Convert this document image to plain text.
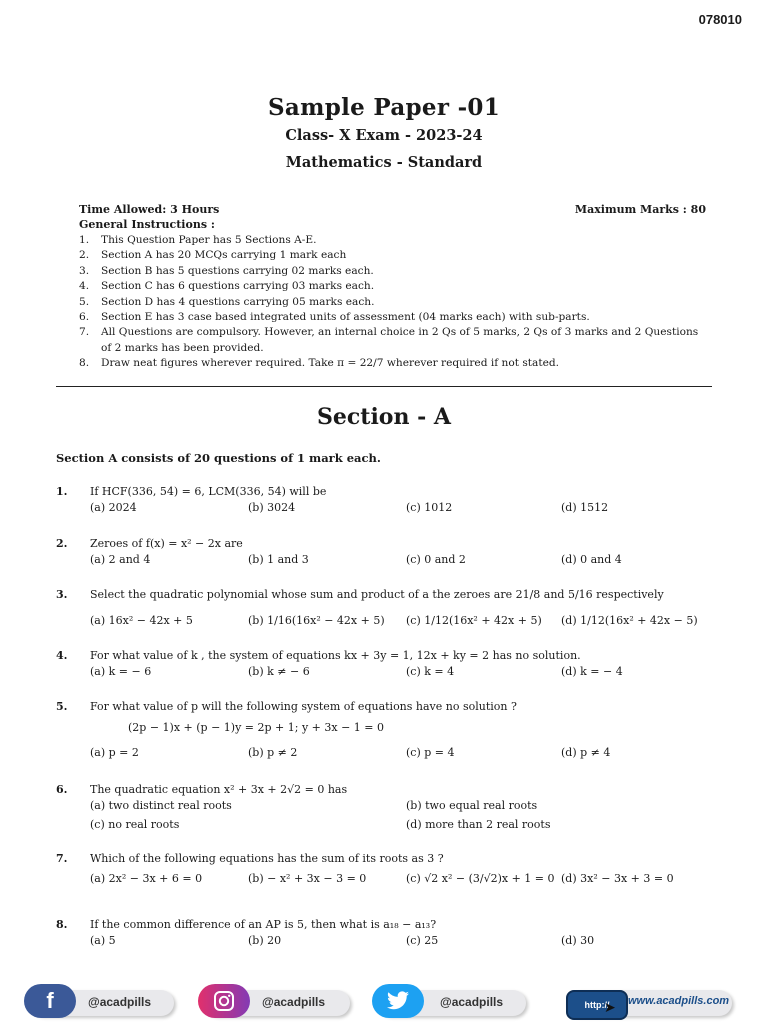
078010
Sample Paper -01
Class- X Exam - 2023-24
Mathematics - Standard
Time Allowed: 3 Hours	Maximum Marks : 80
General Instructions :
1.	This Question Paper has 5 Sections A-E.
2.	Section A has 20 MCQs carrying 1 mark each
3.	Section B has 5 questions carrying 02 marks each.
4.	Section C has 6 questions carrying 03 marks each.
5.	Section D has 4 questions carrying 05 marks each.
6.	Section E has 3 case based integrated units of assessment (04 marks each) with sub-parts.
7.	All Questions are compulsory. However, an internal choice in 2 Qs of 5 marks, 2 Qs of 3 marks and 2 Questions
of 2 marks has been provided.
8.	Draw neat figures wherever required. Take π = 22/7 wherever required if not stated.
Section - A
Section A consists of 20 questions of 1 mark each.
1. If HCF(336, 54) = 6, LCM(336, 54) will be
(a) 2024	(b) 3024	(c) 1012	(d) 1512
2. Zeroes of f(x) = x² − 2x are
(a) 2 and 4	(b) 1 and 3	(c) 0 and 2	(d) 0 and 4
3. Select the quadratic polynomial whose sum and product of a the zeroes are 21/8 and 5/16 respectively
(a) 16x² − 42x + 5	(b) 1/16(16x² − 42x + 5) (c) 1/12(16x² + 42x + 5) (d) 1/12(16x² + 42x − 5)
4. For what value of k , the system of equations kx + 3y = 1, 12x + ky = 2 has no solution.
(a) k = − 6	(b) k ≠ − 6	(c) k = 4	(d) k = − 4
5. For what value of p will the following system of equations have no solution ?
(2p − 1)x + (p − 1)y = 2p + 1; y + 3x − 1 = 0
(a) p = 2	(b) p ≠ 2	(c) p = 4	(d) p ≠ 4
6. The quadratic equation x² + 3x + 2√2 = 0 has
(a) two distinct real roots	(b) two equal real roots
(c) no real roots	(d) more than 2 real roots
7. Which of the following equations has the sum of its roots as 3 ?
(a) 2x² − 3x + 6 = 0	(b) − x² + 3x − 3 = 0	(c) √2 x² − (3/√2)x + 1 = 0 (d) 3x² − 3x + 3 = 0
8. If the common difference of an AP is 5, then what is a₁₈ − a₁₃?
(a) 5	(b) 20	(c) 25	(d) 30
f	@acadpills	@acadpills	@acadpills	http://
➤ www.acadpills.com
